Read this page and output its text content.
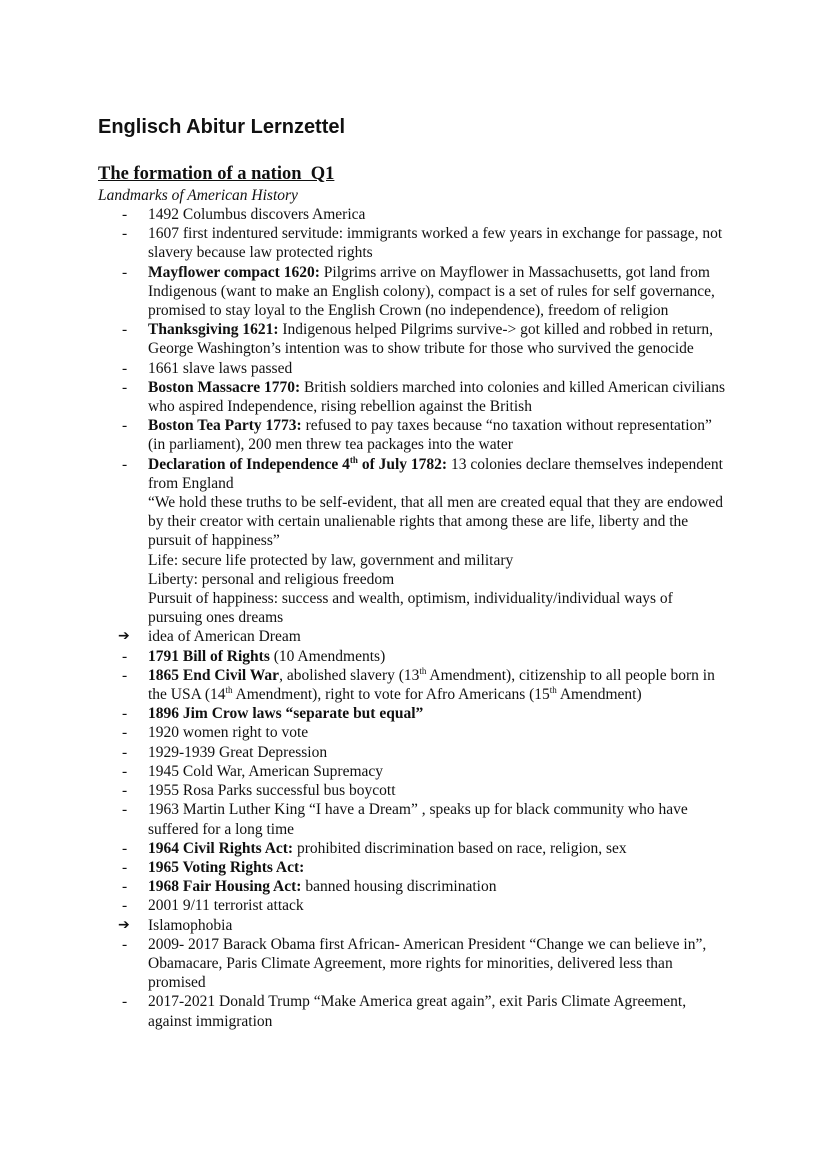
Englisch Abitur Lernzettel
The formation of a nation  Q1
Landmarks of American History
- 1492 Columbus discovers America
- 1607 first indentured servitude: immigrants worked a few years in exchange for passage, not slavery because law protected rights
- Mayflower compact 1620: Pilgrims arrive on Mayflower in Massachusetts, got land from Indigenous (want to make an English colony), compact is a set of rules for self governance, promised to stay loyal to the English Crown (no independence), freedom of religion
- Thanksgiving 1621: Indigenous helped Pilgrims survive-> got killed and robbed in return, George Washington’s intention was to show tribute for those who survived the genocide
- 1661 slave laws passed
- Boston Massacre 1770: British soldiers marched into colonies and killed American civilians who aspired Independence, rising rebellion against the British
- Boston Tea Party 1773: refused to pay taxes because “no taxation without representation” (in parliament), 200 men threw tea packages into the water
- Declaration of Independence 4th of July 1782: 13 colonies declare themselves independent from England
“We hold these truths to be self-evident, that all men are created equal that they are endowed by their creator with certain unalienable rights that among these are life, liberty and the pursuit of happiness”
Life: secure life protected by law, government and military
Liberty: personal and religious freedom
Pursuit of happiness: success and wealth, optimism, individuality/individual ways of pursuing ones dreams
➔ idea of American Dream
- 1791 Bill of Rights (10 Amendments)
- 1865 End Civil War, abolished slavery (13th Amendment), citizenship to all people born in the USA (14th Amendment), right to vote for Afro Americans (15th Amendment)
- 1896 Jim Crow laws “separate but equal”
- 1920 women right to vote
- 1929-1939 Great Depression
- 1945 Cold War, American Supremacy
- 1955 Rosa Parks successful bus boycott
- 1963 Martin Luther King “I have a Dream” , speaks up for black community who have suffered for a long time
- 1964 Civil Rights Act: prohibited discrimination based on race, religion, sex
- 1965 Voting Rights Act:
- 1968 Fair Housing Act: banned housing discrimination
- 2001 9/11 terrorist attack
➔ Islamophobia
- 2009- 2017 Barack Obama first African- American President “Change we can believe in”, Obamacare, Paris Climate Agreement, more rights for minorities, delivered less than promised
- 2017-2021 Donald Trump “Make America great again”, exit Paris Climate Agreement, against immigration
